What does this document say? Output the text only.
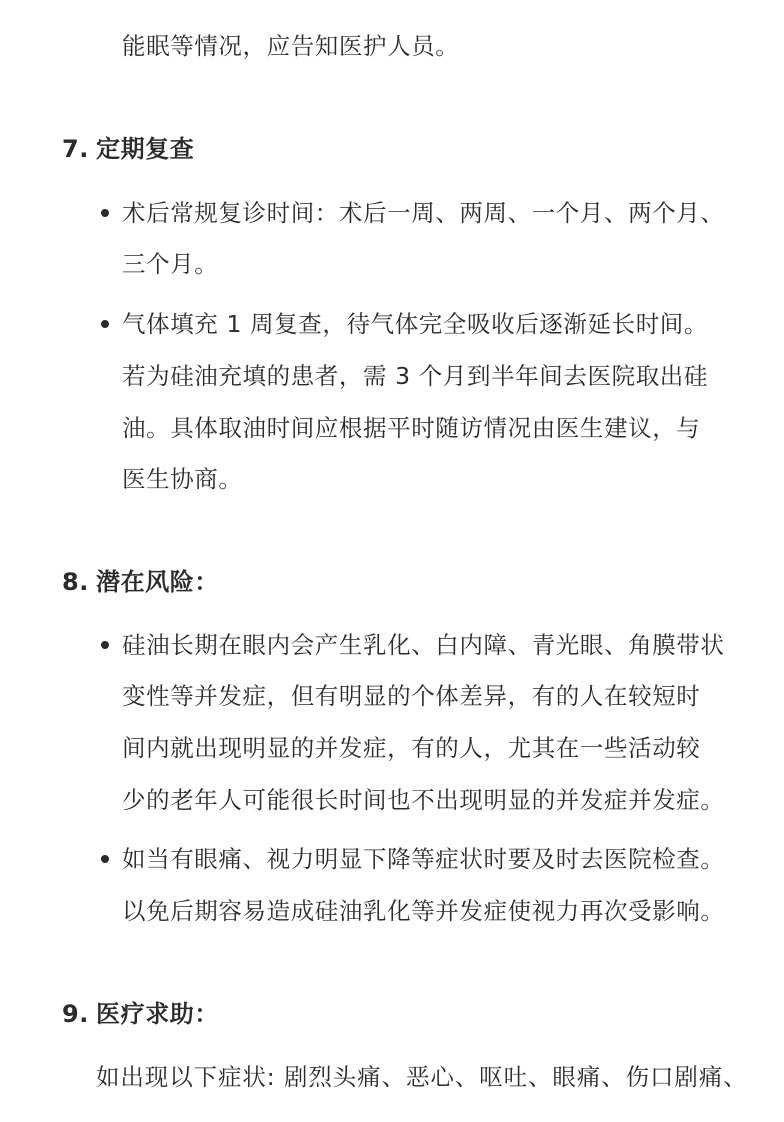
能眠等情况，应告知医护人员。
7. 定期复查
术后常规复诊时间：术后一周、两周、一个月、两个月、
三个月。
气体填充 1 周复查，待气体完全吸收后逐渐延长时间。
若为硅油充填的患者，需 3 个月到半年间去医院取出硅
油。具体取油时间应根据平时随访情况由医生建议，与
医生协商。
8. 潜在风险：
硅油长期在眼内会产生乳化、白内障、青光眼、角膜带状
变性等并发症，但有明显的个体差异，有的人在较短时
间内就出现明显的并发症，有的人，尤其在一些活动较
少的老年人可能很长时间也不出现明显的并发症并发症。
如当有眼痛、视力明显下降等症状时要及时去医院检查。
以免后期容易造成硅油乳化等并发症使视力再次受影响。
9. 医疗求助：
如出现以下症状: 剧烈头痛、恶心、呕吐、眼痛、伤口剧痛、
